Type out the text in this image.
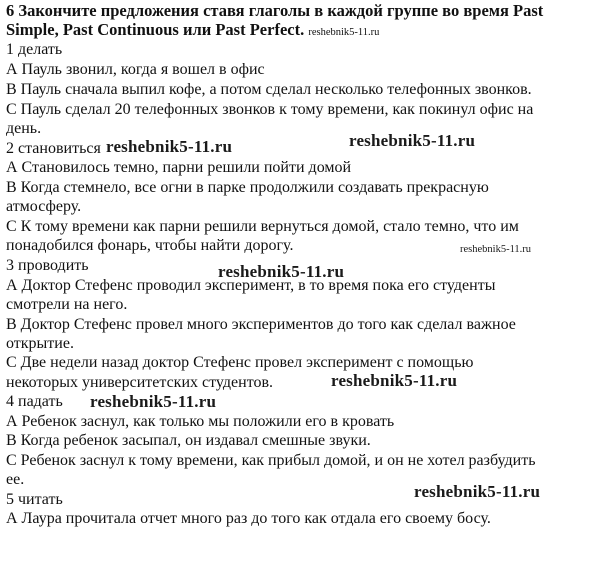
6 Закончите предложения ставя глаголы в каждой группе во время Past Simple, Past Continuous или Past Perfect. reshebnik5-11.ru

1 делать
А Пауль звонил, когда я вошел в офис
В Пауль сначала выпил кофе, а потом сделал несколько телефонных звонков.
С Пауль сделал 20 телефонных звонков к тому времени, как покинул офис на
день.
2 становиться
А Становилось темно, парни решили пойти домой
В Когда стемнело, все огни в парке продолжили создавать прекрасную
атмосферу.
С К тому времени как парни решили вернуться домой, стало темно, что им
понадобился фонарь, чтобы найти дорогу.
3 проводить
А Доктор Стефенс проводил эксперимент, в то время пока его студенты
смотрели на него.
В Доктор Стефенс провел много экспериментов до того как сделал важное
открытие.
С Две недели назад доктор Стефенс провел эксперимент с помощью
некоторых университетских студентов.
4 падать
А Ребенок заснул, как только мы положили его в кровать
В Когда ребенок засыпал, он издавал смешные звуки.
С Ребенок заснул к тому времени, как прибыл домой, и он не хотел разбудить
ее.
5 читать
А Лаура прочитала отчет много раз до того как отдала его своему босу.
reshebnik5-11.ru	reshebnik5-11.ru
reshebnik5-11.ru
reshebnik5-11.ru
reshebnik5-11.ru
reshebnik5-11.ru
reshebnik5-11.ru
